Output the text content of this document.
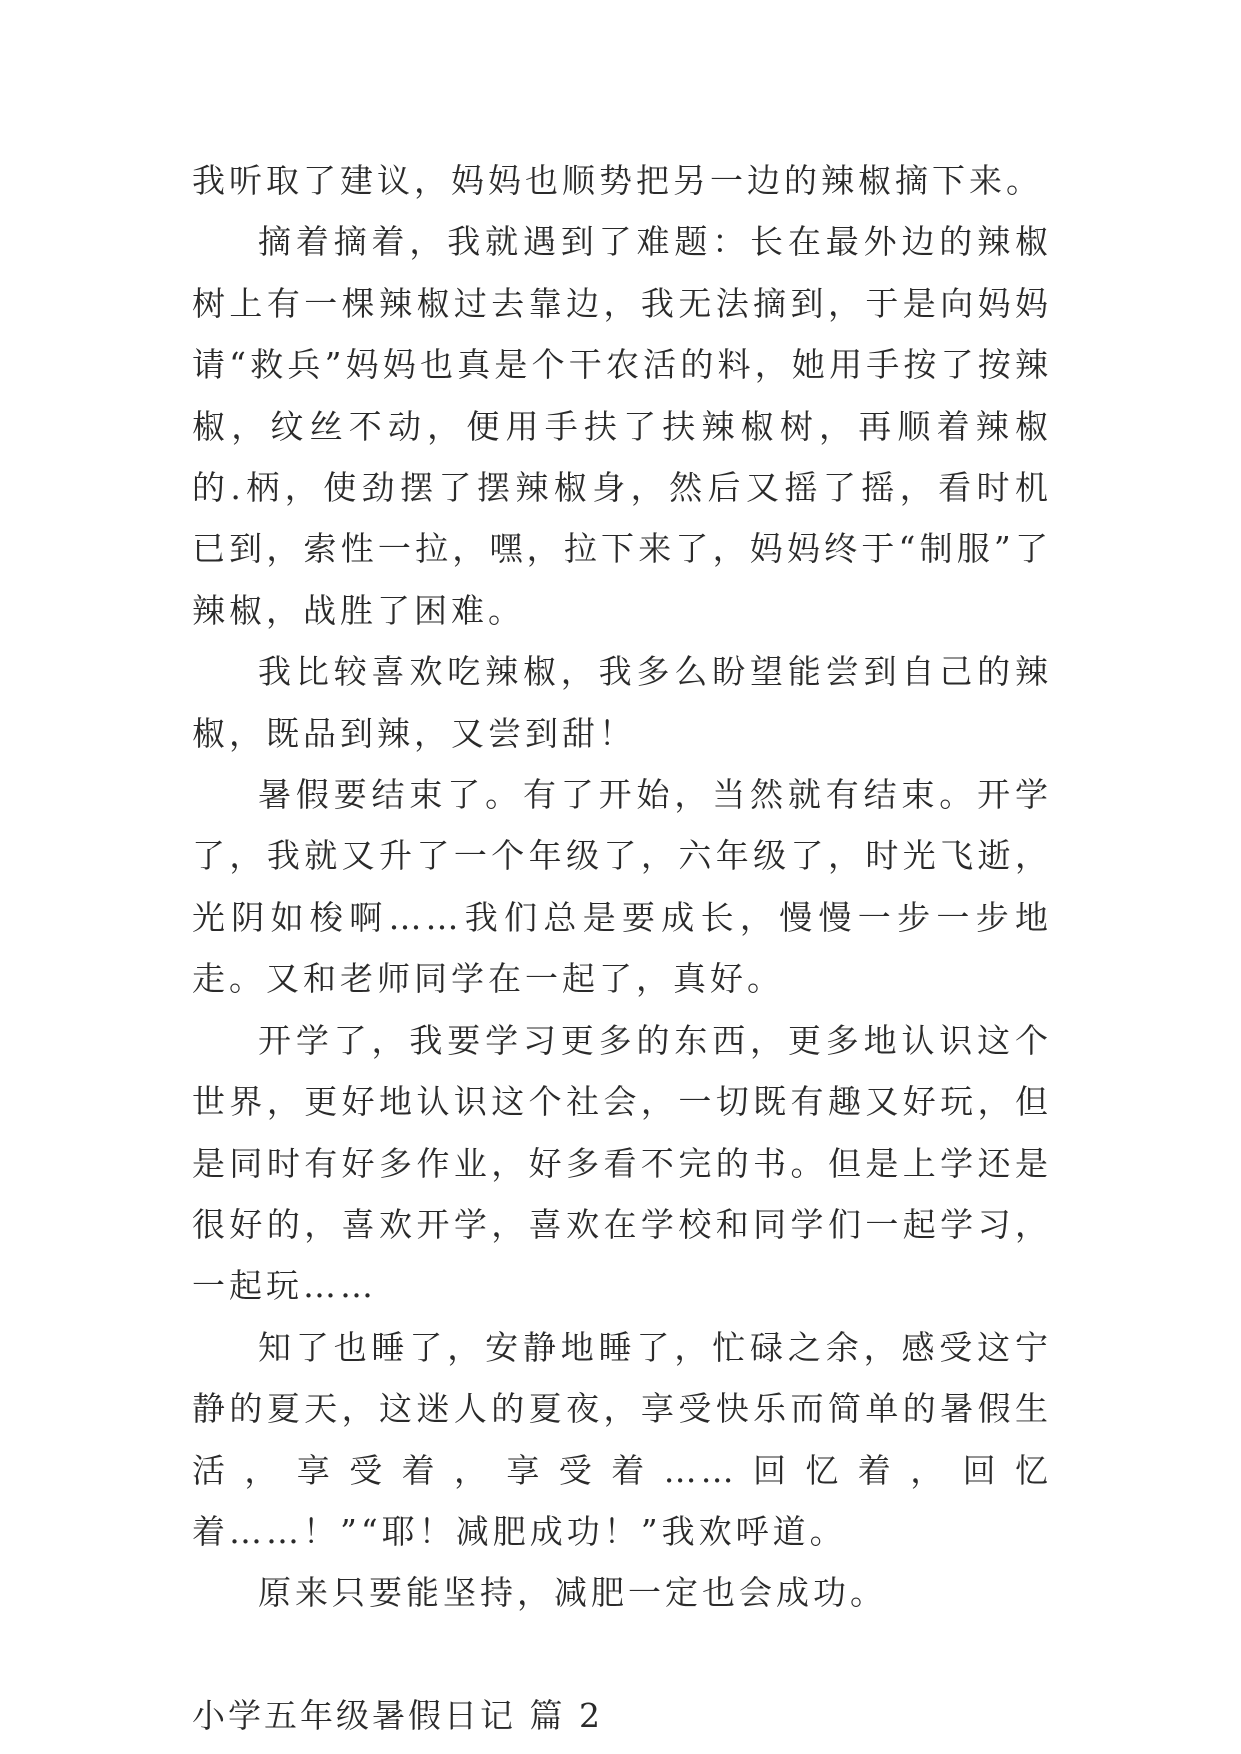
我听取了建议，妈妈也顺势把另一边的辣椒摘下来。

摘着摘着，我就遇到了难题：长在最外边的辣椒树上有一棵辣椒过去靠边，我无法摘到，于是向妈妈请“救兵”妈妈也真是个干农活的料，她用手按了按辣椒，纹丝不动，便用手扶了扶辣椒树，再顺着辣椒的.柄，使劲摆了摆辣椒身，然后又摇了摇，看时机已到，索性一拉，嘿，拉下来了，妈妈终于“制服”了辣椒，战胜了困难。

我比较喜欢吃辣椒，我多么盼望能尝到自己的辣椒，既品到辣，又尝到甜！

暑假要结束了。有了开始，当然就有结束。开学了，我就又升了一个年级了，六年级了，时光飞逝，光阴如梭啊……我们总是要成长，慢慢一步一步地走。又和老师同学在一起了，真好。

开学了，我要学习更多的东西，更多地认识这个世界，更好地认识这个社会，一切既有趣又好玩，但是同时有好多作业，好多看不完的书。但是上学还是很好的，喜欢开学，喜欢在学校和同学们一起学习，一起玩……

知了也睡了，安静地睡了，忙碌之余，感受这宁静的夏天，这迷人的夏夜，享受快乐而简单的暑假生活，享受着，享受着……回忆着，回忆着……！”“耶！减肥成功！”我欢呼道。

原来只要能坚持，减肥一定也会成功。

小学五年级暑假日记 篇 2
